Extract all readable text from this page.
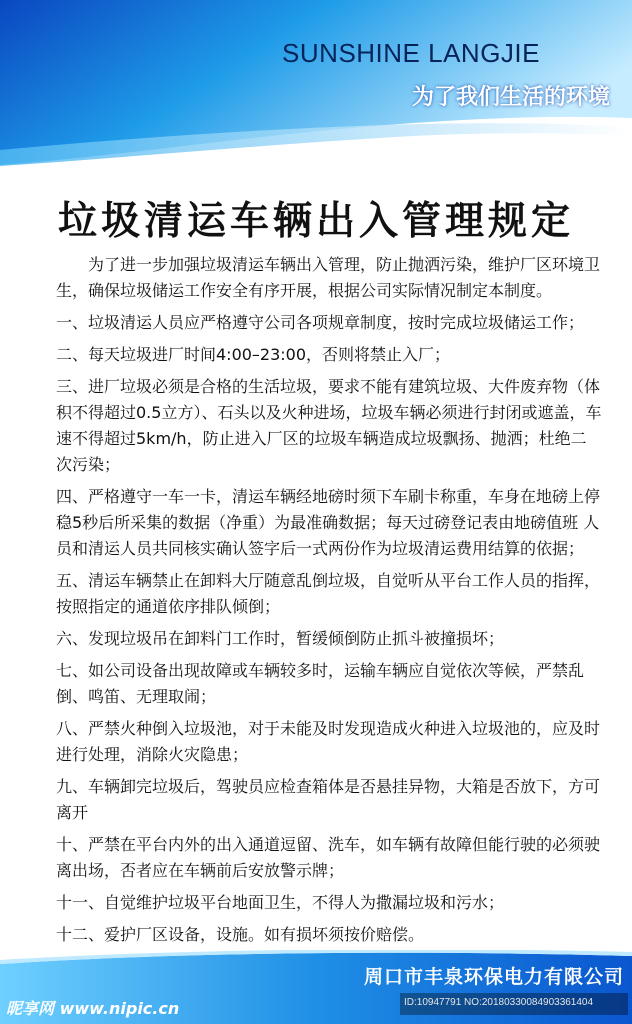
SUNSHINE LANGJIE
为了我们生活的环境
垃圾清运车辆出入管理规定

为了进一步加强垃圾清运车辆出入管理，防止抛洒污染，维护厂区环境卫生，确保垃圾储运工作安全有序开展，根据公司实际情况制定本制度。

一、垃圾清运人员应严格遵守公司各项规章制度，按时完成垃圾储运工作；

二、每天垃圾进厂时间4:00–23:00，否则将禁止入厂；

三、进厂垃圾必须是合格的生活垃圾，要求不能有建筑垃圾、大件废弃物（体积不得超过0.5立方）、石头以及火种进场，垃圾车辆必须进行封闭或遮盖，车速不得超过5km/h，防止进入厂区的垃圾车辆造成垃圾飘扬、抛洒；杜绝二次污染；

四、严格遵守一车一卡，清运车辆经地磅时须下车刷卡称重，车身在地磅上停稳5秒后所采集的数据（净重）为最准确数据；每天过磅登记表由地磅值班 人员和清运人员共同核实确认签字后一式两份作为垃圾清运费用结算的依据；

五、清运车辆禁止在卸料大厅随意乱倒垃圾，自觉听从平台工作人员的指挥，按照指定的通道依序排队倾倒；

六、发现垃圾吊在卸料门工作时，暂缓倾倒防止抓斗被撞损坏；

七、如公司设备出现故障或车辆较多时，运输车辆应自觉依次等候，严禁乱倒、鸣笛、无理取闹；

八、严禁火种倒入垃圾池，对于未能及时发现造成火种进入垃圾池的，应及时进行处理，消除火灾隐患；

九、车辆卸完垃圾后，驾驶员应检查箱体是否悬挂异物，大箱是否放下，方可离开

十、严禁在平台内外的出入通道逗留、洗车，如车辆有故障但能行驶的必须驶离出场，否者应在车辆前后安放警示牌；

十一、自觉维护垃圾平台地面卫生，不得人为撒漏垃圾和污水；

十二、爱护厂区设备，设施。如有损坏须按价赔偿。

周口市丰泉环保电力有限公司
昵享网 www.nipic.cn	ID:10947791 NO:20180330084903361404
